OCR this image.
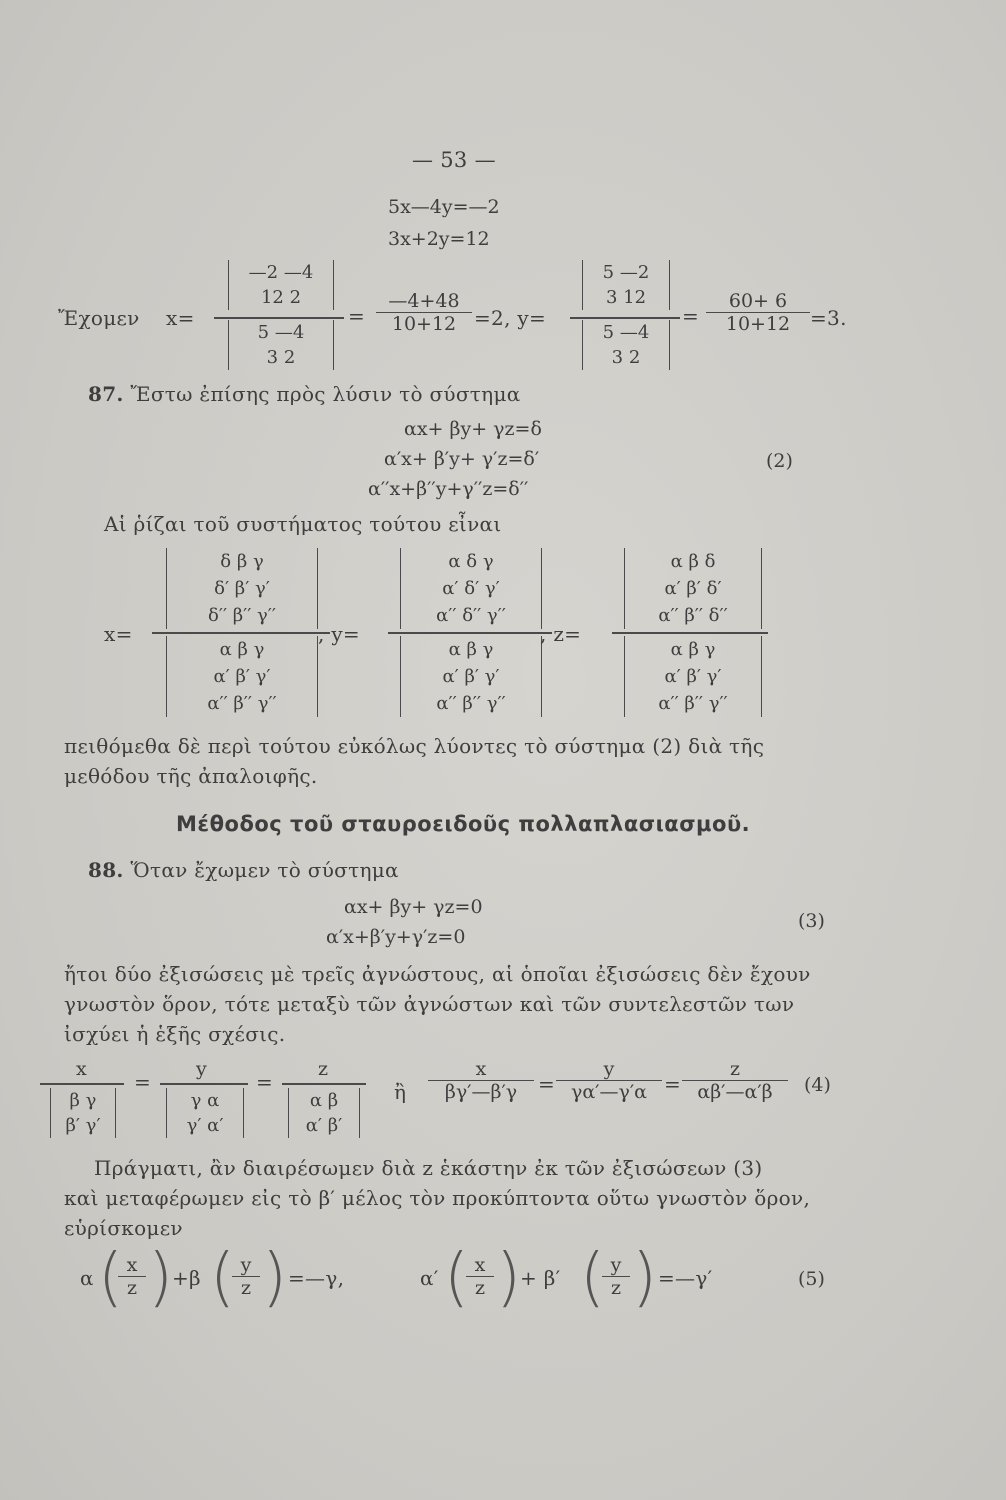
— 53 —
5x—4y=—2
3x+2y=12
Ἔχομεν x=
—2 —4
12 2
5 —4
3 2
= $\frac{—4+48}{10+12} =2$, y=
5 —2
3 12
5 —4
3 2
= $\frac{60+ 6}{10+12} =3$.
87. Ἔστω ἐπίσης πρὸς λύσιν τὸ σύστημα
αx+ βy+ γz=δ
α′x+ β′y+ γ′z=δ′
α′′x+β′′y+γ′′z=δ′′
(2)
Αἱ ῥίζαι τοῦ συστήματος τούτου εἶναι
x=
δ β γ
δ′ β′ γ′
δ′′ β′′ γ′′
α β γ
α′ β′ γ′
α′′ β′′ γ′′
, y=
α δ γ
α′ δ′ γ′
α′′ δ′′ γ′′
α β γ
α′ β′ γ′
α′′ β′′ γ′′
, z=
α β δ
α′ β′ δ′
α′′ β′′ δ′′
α β γ
α′ β′ γ′
α′′ β′′ γ′′
πειθόμεθα δὲ περὶ τούτου εὐκόλως λύοντες τὸ σύστημα (2) διὰ τῆς
μεθόδου τῆς ἀπαλοιφῆς.
Μέθοδος τοῦ σταυροειδοῦς πολλαπλασιασμοῦ.
88. Ὅταν ἔχωμεν τὸ σύστημα
αx+ βy+ γz=0
α′x+β′y+γ′z=0
(3)
ἤτοι δύο ἐξισώσεις μὲ τρεῖς ἀγνώστους, αἱ ὁποῖαι ἐξισώσεις δὲν ἔχουν
γνωστὸν ὅρον, τότε μεταξὺ τῶν ἀγνώστων καὶ τῶν συντελεστῶν των
ἰσχύει ἡ ἑξῆς σχέσις.
x
β γ
β′ γ′
=
y
γ α
γ′ α′
=
z
α β
α′ β′
ἢ $\frac{x}{\beta\gamma'—\beta'\gamma} = \frac{y}{\gamma\alpha'—\gamma'\alpha} = \frac{z}{\alpha\beta'—\alpha'\beta} (4)$
Πράγματι, ἂν διαιρέσωμεν διὰ z ἑκάστην ἐκ τῶν ἐξισώσεων (3)
καὶ μεταφέρωμεν εἰς τὸ β′ μέλος τὸν προκύπτοντα οὕτω γνωστὸν ὅρον,
εὑρίσκομεν
α (
$\frac{x}{z}$ ) +β (
$\frac{y}{z}$ ) =—γ,	α′ (
$\frac{x}{z}$ ) + β′ (
$\frac{y}{z}$ ) =—γ′	(5)
